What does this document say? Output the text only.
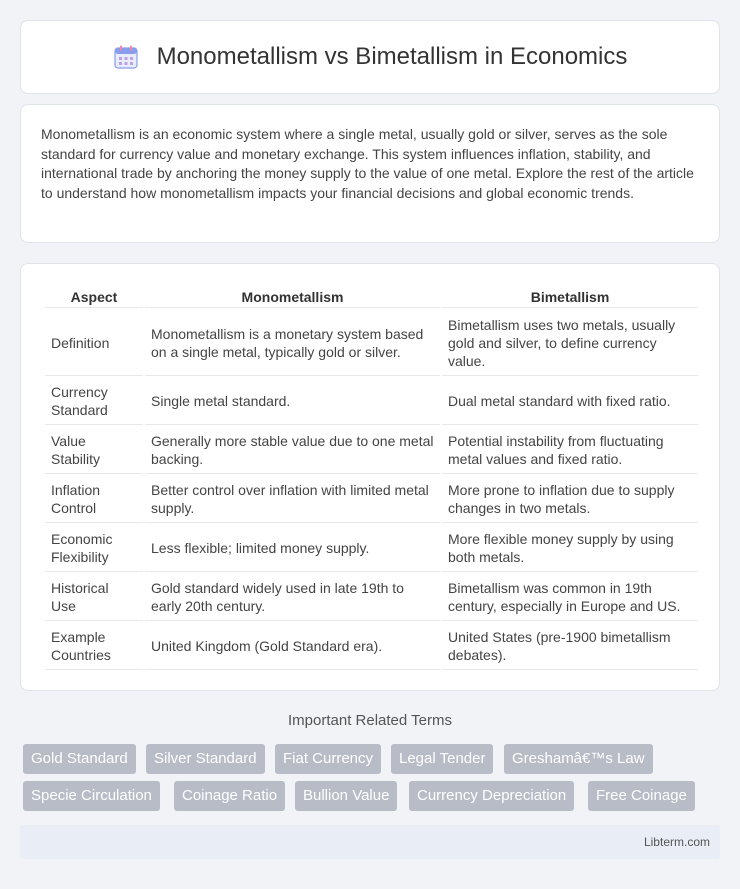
Monometallism vs Bimetallism in Economics

Monometallism is an economic system where a single metal, usually gold or silver, serves as the sole standard for currency value and monetary exchange. This system influences inflation, stability, and international trade by anchoring the money supply to the value of one metal. Explore the rest of the article to understand how monometallism impacts your financial decisions and global economic trends.

Aspect	Monometallism	Bimetallism
Definition	Monometallism is a monetary system based on a single metal, typically gold or silver.	Bimetallism uses two metals, usually gold and silver, to define currency value.
Currency Standard	Single metal standard.	Dual metal standard with fixed ratio.
Value Stability	Generally more stable value due to one metal backing.	Potential instability from fluctuating metal values and fixed ratio.
Inflation Control	Better control over inflation with limited metal supply.	More prone to inflation due to supply changes in two metals.
Economic Flexibility	Less flexible; limited money supply.	More flexible money supply by using both metals.
Historical Use	Gold standard widely used in late 19th to early 20th century.	Bimetallism was common in 19th century, especially in Europe and US.
Example Countries	United Kingdom (Gold Standard era).	United States (pre-1900 bimetallism debates).
Important Related Terms
Gold Standard	Silver Standard	Fiat Currency	Legal Tender	Greshamâ€™s Law
Specie Circulation	Coinage Ratio	Bullion Value	Currency Depreciation	Free Coinage
Libterm.com
